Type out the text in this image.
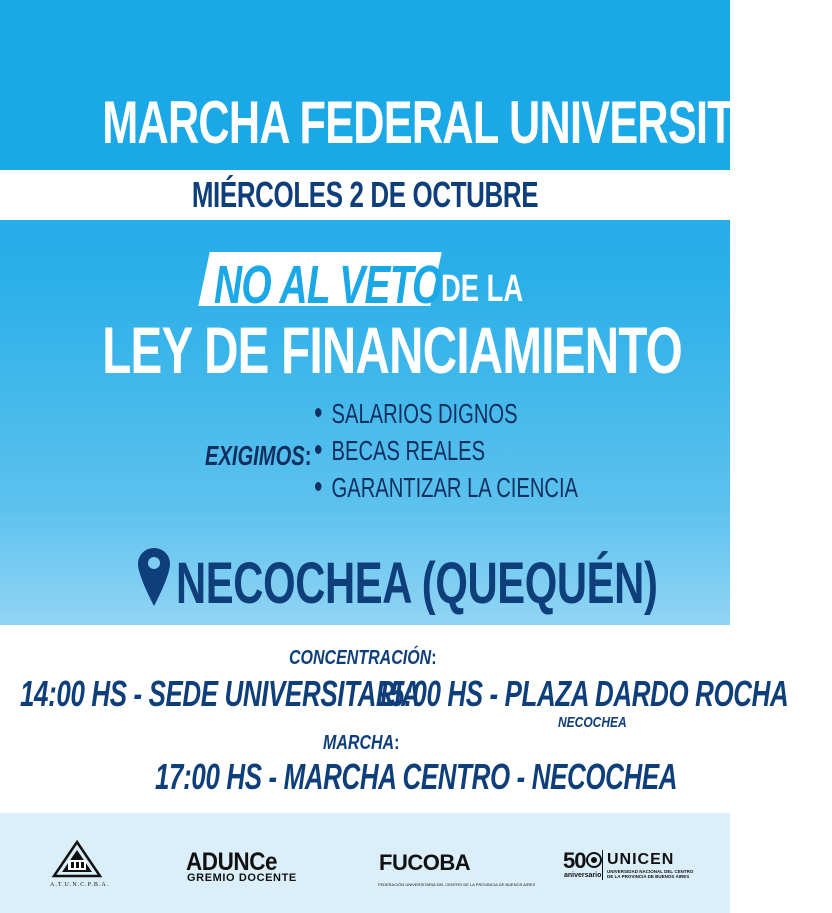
MARCHA FEDERAL UNIVERSITARIA
MIÉRCOLES 2 DE OCTUBRE
NO AL VETO DE LA
LEY DE FINANCIAMIENTO
EXIGIMOS:
SALARIOS DIGNOS
BECAS REALES
GARANTIZAR LA CIENCIA
NECOCHEA (QUEQUÉN)
CONCENTRACIÓN:
14:00 HS - SEDE UNIVERSITARIA
15:00 HS - PLAZA DARDO ROCHA
NECOCHEA
MARCHA:
17:00 HS - MARCHA CENTRO - NECOCHEA
A.T.U.N.C.P.B.A.
ADUNCe
GREMIO DOCENTE
FUCOBA
FEDERACIÓN UNIVERSITARIA DEL CENTRO DE LA PROVINCIA DE BUENOS AIRES
50
aniversario
UNICEN
UNIVERSIDAD NACIONAL DEL CENTRO
DE LA PROVINCIA DE BUENOS AIRES
